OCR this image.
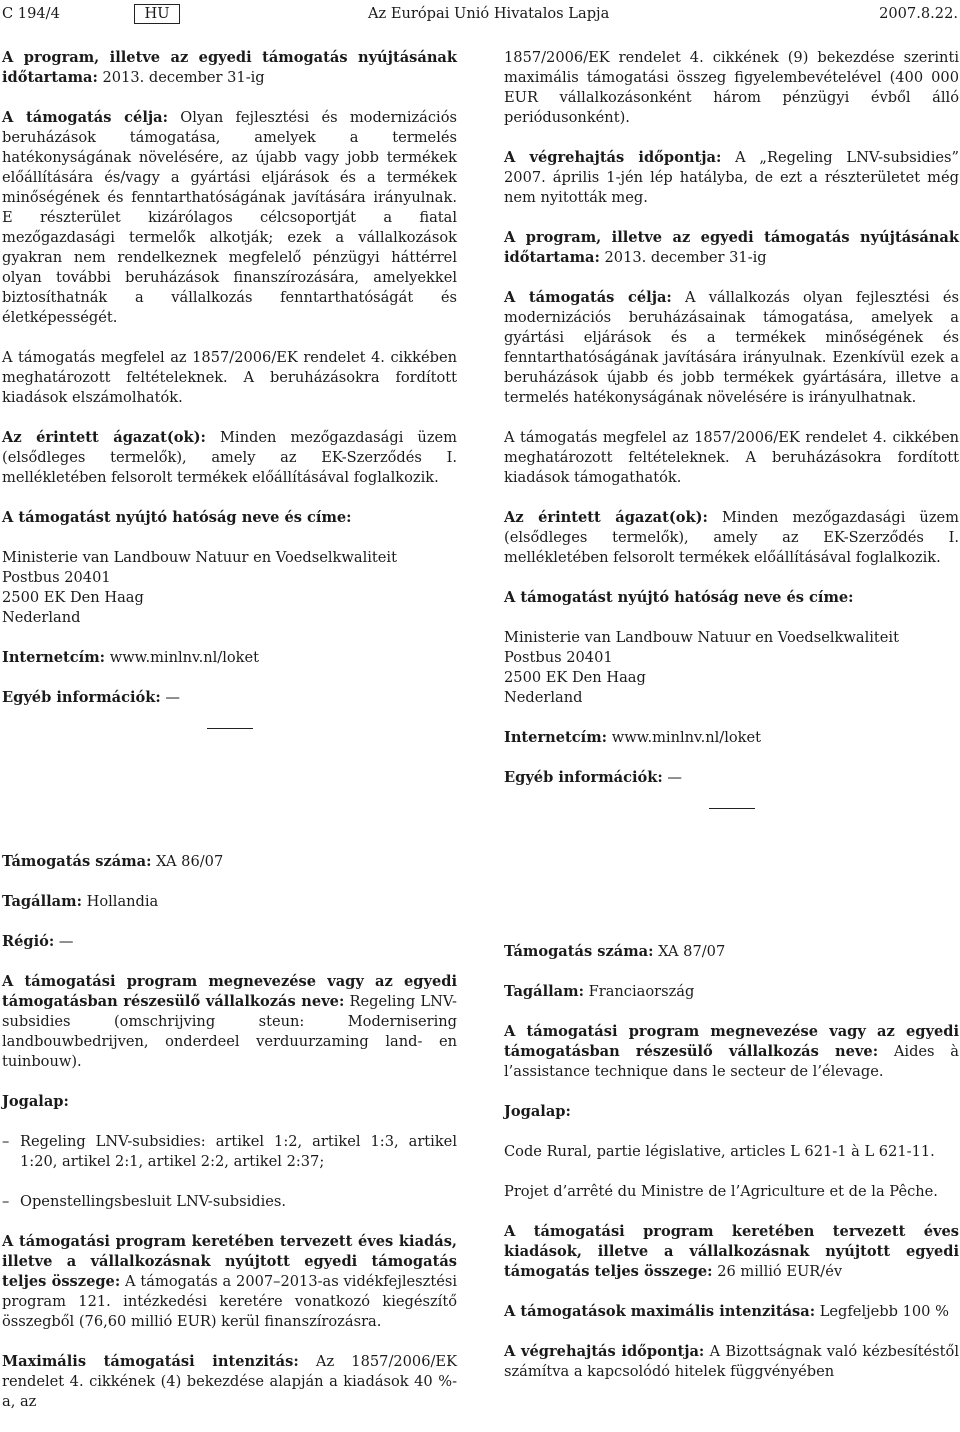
C 194/4	HU	Az Európai Unió Hivatalos Lapja	2007.8.22.

A program, illetve az egyedi támogatás nyújtásának időtartama: 2013. december 31-ig

A támogatás célja: Olyan fejlesztési és modernizációs beruházások támogatása, amelyek a termelés hatékonyságának növelésére, az újabb vagy jobb termékek előállítására és/vagy a gyártási eljárások és a termékek minőségének és fenntarthatóságának javítására irányulnak. E részterület kizárólagos célcsoportját a fiatal mezőgazdasági termelők alkotják; ezek a vállalkozások gyakran nem rendelkeznek megfelelő pénzügyi háttérrel olyan további beruházások finanszírozására, amelyekkel biztosíthatnák a vállalkozás fenntarthatóságát és életképességét.

A támogatás megfelel az 1857/2006/EK rendelet 4. cikkében meghatározott feltételeknek. A beruházásokra fordított kiadások elszámolhatók.

Az érintett ágazat(ok): Minden mezőgazdasági üzem (elsődleges termelők), amely az EK-Szerződés I. mellékletében felsorolt termékek előállításával foglalkozik.

A támogatást nyújtó hatóság neve és címe:

Ministerie van Landbouw Natuur en Voedselkwaliteit

Postbus 20401

2500 EK Den Haag

Nederland

Internetcím: www.minlnv.nl/loket

Egyéb információk: —

Támogatás száma: XA 86/07

Tagállam: Hollandia

Régió: —

A támogatási program megnevezése vagy az egyedi támogatásban részesülő vállalkozás neve: Regeling LNV-subsidies (omschrijving steun: Modernisering landbouwbedrijven, onderdeel verduurzaming land- en tuinbouw).

Jogalap:

– Regeling LNV-subsidies: artikel 1:2, artikel 1:3, artikel 1:20, artikel 2:1, artikel 2:2, artikel 2:37;
– Openstellingsbesluit LNV-subsidies.

A támogatási program keretében tervezett éves kiadás, illetve a vállalkozásnak nyújtott egyedi támogatás teljes összege: A támogatás a 2007–2013-as vidékfejlesztési program 121. intézkedési keretére vonatkozó kiegészítő összegből (76,60 millió EUR) kerül finanszírozásra.

Maximális támogatási intenzitás: Az 1857/2006/EK rendelet 4. cikkének (4) bekezdése alapján a kiadások 40 %-a, az

1857/2006/EK rendelet 4. cikkének (9) bekezdése szerinti maximális támogatási összeg figyelembevételével (400 000 EUR vállalkozásonként három pénzügyi évből álló periódusonként).

A végrehajtás időpontja: A „Regeling LNV-subsidies” 2007. április 1-jén lép hatályba, de ezt a részterületet még nem nyitották meg.

A program, illetve az egyedi támogatás nyújtásának időtartama: 2013. december 31-ig

A támogatás célja: A vállalkozás olyan fejlesztési és modernizációs beruházásainak támogatása, amelyek a gyártási eljárások és a termékek minőségének és fenntarthatóságának javítására irányulnak. Ezenkívül ezek a beruházások újabb és jobb termékek gyártására, illetve a termelés hatékonyságának növelésére is irányulhatnak.

A támogatás megfelel az 1857/2006/EK rendelet 4. cikkében meghatározott feltételeknek. A beruházásokra fordított kiadások támogathatók.

Az érintett ágazat(ok): Minden mezőgazdasági üzem (elsődleges termelők), amely az EK-Szerződés I. mellékletében felsorolt termékek előállításával foglalkozik.

A támogatást nyújtó hatóság neve és címe:

Ministerie van Landbouw Natuur en Voedselkwaliteit

Postbus 20401

2500 EK Den Haag

Nederland

Internetcím: www.minlnv.nl/loket

Egyéb információk: —

Támogatás száma: XA 87/07

Tagállam: Franciaország

A támogatási program megnevezése vagy az egyedi támogatásban részesülő vállalkozás neve: Aides à l’assistance technique dans le secteur de l’élevage.

Jogalap:

Code Rural, partie législative, articles L 621-1 à L 621-11.

Projet d’arrêté du Ministre de l’Agriculture et de la Pêche.

A támogatási program keretében tervezett éves kiadások, illetve a vállalkozásnak nyújtott egyedi támogatás teljes összege: 26 millió EUR/év

A támogatások maximális intenzitása: Legfeljebb 100 %

A végrehajtás időpontja: A Bizottságnak való kézbesítéstől számítva a kapcsolódó hitelek függvényében
